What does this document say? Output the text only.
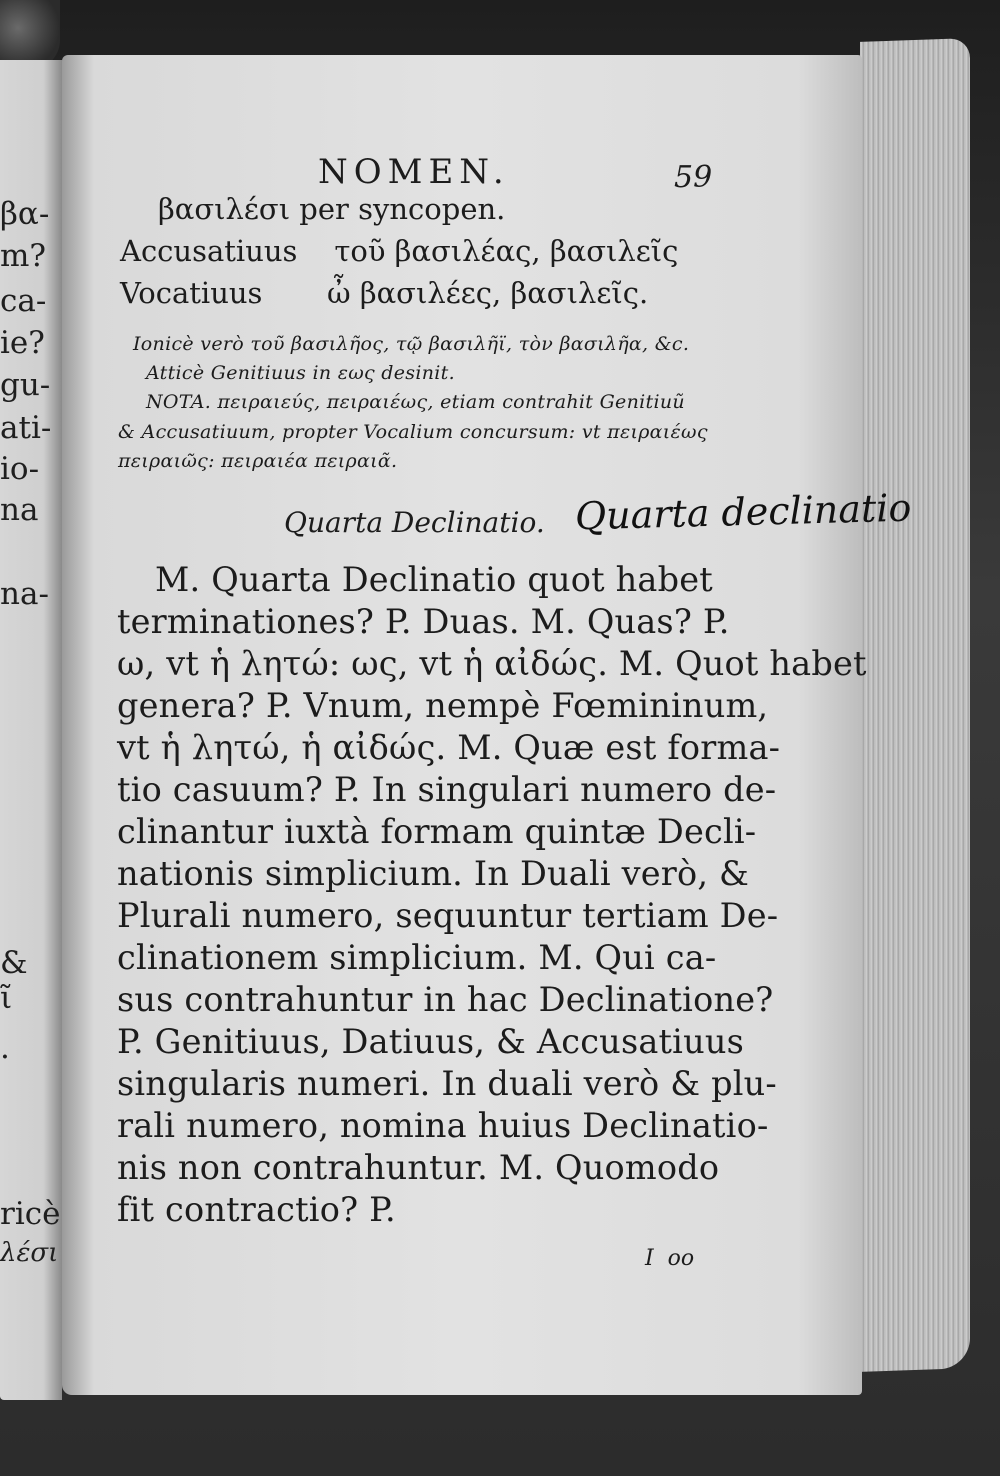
βα-
m?
ca-
ie?
gu-
ati-
io-
na
na-
&
ῖ
.
ricè
λέσι
NOMEN.	59
βασιλέσι per syncopen.
Accusatiuus    τοῦ βασιλέας, βασιλεῖς
Vocatiuus       ὦ βασιλέες, βασιλεῖς.
Ionicè verò τοῦ βασιλῆος, τῷ βασιλῆϊ, τὸν βασιλῆα, &c.
Atticè Genitiuus in εως desinit.
NOTA. πειραιεύς, πειραιέως, etiam contrahit Genitiuũ
& Accusatiuum, propter Vocalium concursum: vt πειραιέως
πειραιῶς: πειραιέα πειραιᾶ.
Quarta Declinatio. Quarta declinatio
M. Quarta Declinatio quot habet
terminationes? P. Duas. M. Quas? P.
ω, vt ἡ λητώ: ως, vt ἡ αἰδώς. M. Quot habet
genera? P. Vnum, nempè Fœmininum,
vt ἡ λητώ, ἡ αἰδώς. M. Quæ est forma-
tio casuum? P. In singulari numero de-
clinantur iuxtà formam quintæ Decli-
nationis simplicium. In Duali verò, &
Plurali numero, sequuntur tertiam De-
clinationem simplicium. M. Qui ca-
sus contrahuntur in hac Declinatione?
P. Genitiuus, Datiuus, & Accusatiuus
singularis numeri. In duali verò & plu-
rali numero, nomina huius Declinatio-
nis non contrahuntur. M. Quomodo
fit contractio? P.
I  oo
